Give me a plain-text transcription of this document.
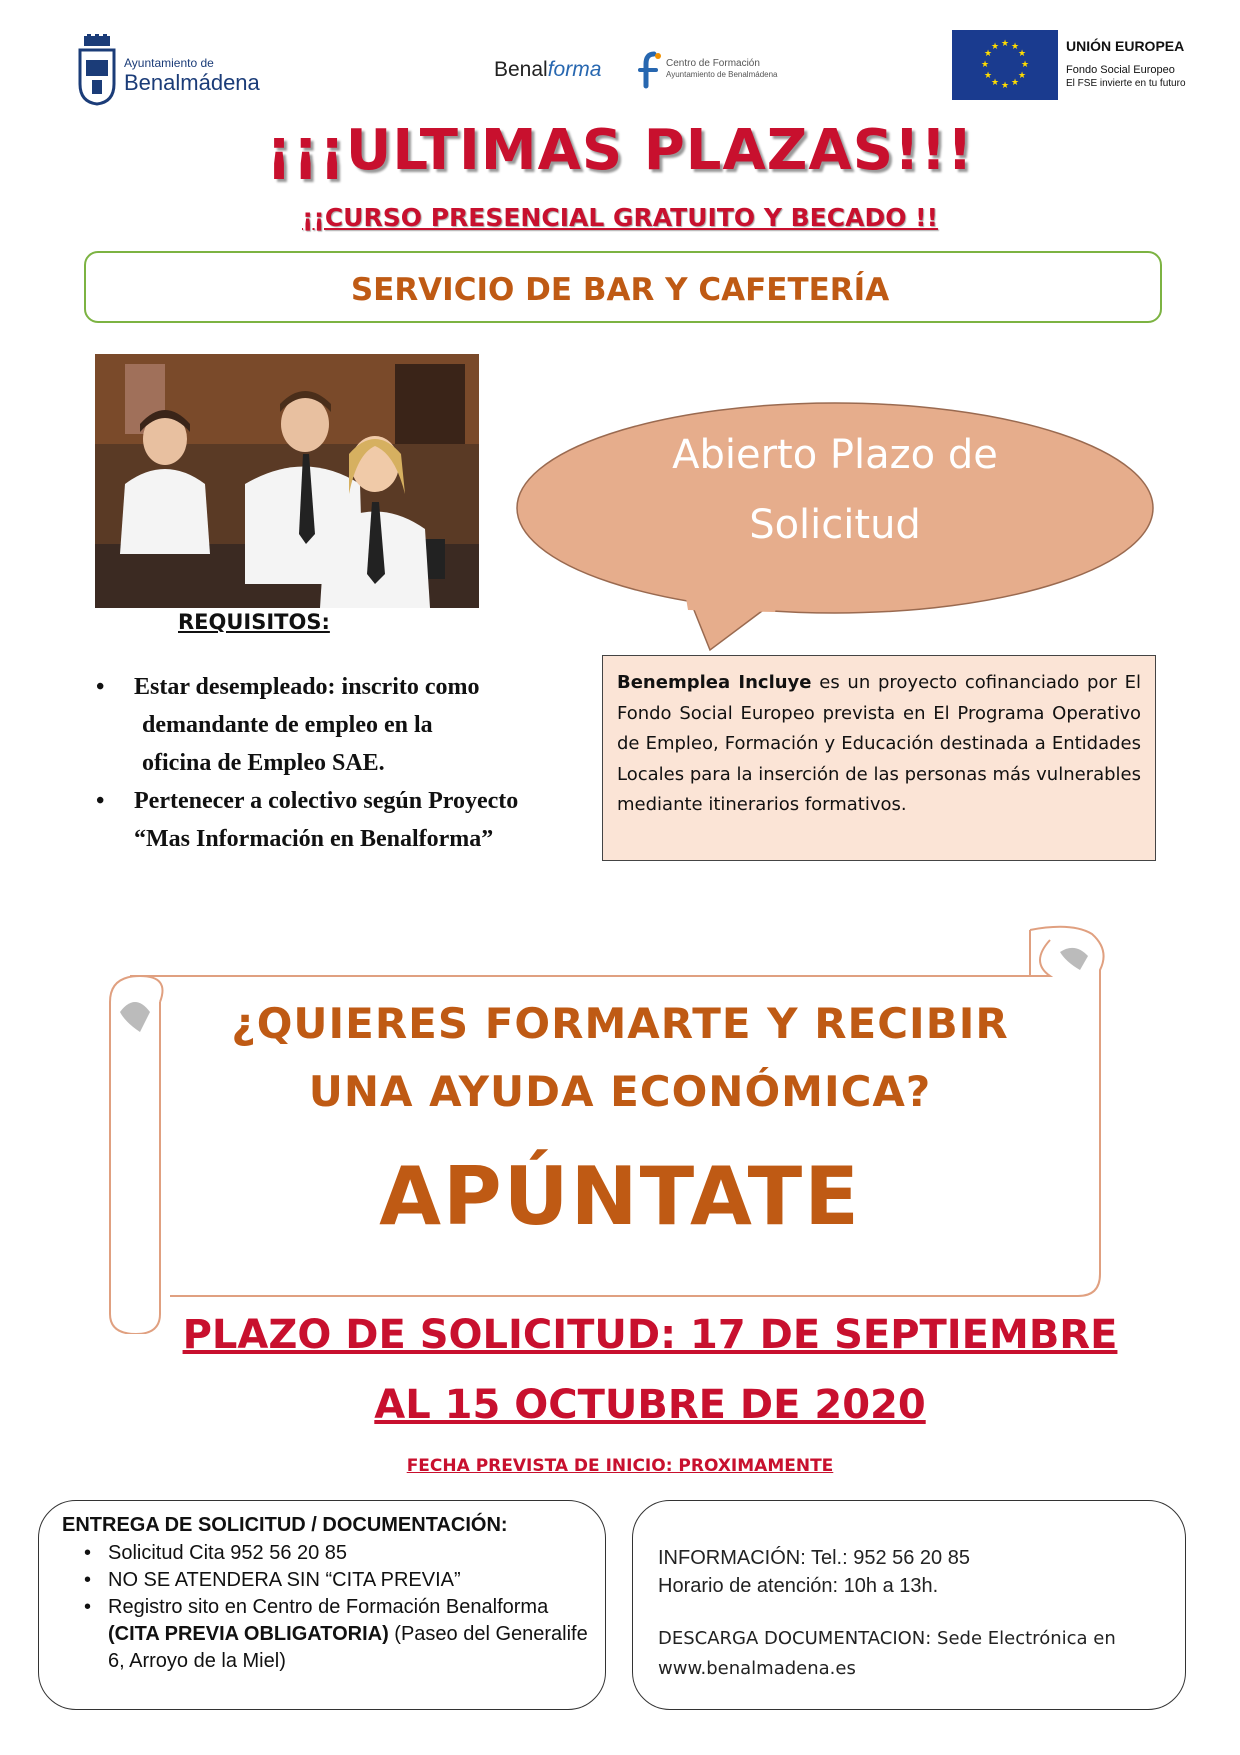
Ayuntamiento de
Benalmádena
Benalforma	Centro de Formación
Ayuntamiento de Benalmádena
★ ★
★
★
★
★
★
★
★
★
★
★	UNIÓN EUROPEA
Fondo Social Europeo
El FSE invierte en tu futuro
¡¡¡ULTIMAS PLAZAS!!!
¡¡CURSO PRESENCIAL GRATUITO Y BECADO !!
SERVICIO DE BAR Y CAFETERÍA
REQUISITOS:
Abierto Plazo de
Solicitud
• Estar desempleado: inscrito como
demandante de empleo en la
oficina de Empleo SAE.
• Pertenecer a colectivo según Proyecto
“Mas Información en Benalforma”
Benemplea Incluye es un proyecto cofinanciado por El Fondo Social Europeo prevista en El Programa Operativo de Empleo, Formación y Educación destinada a Entidades Locales para la inserción de las personas más vulnerables mediante itinerarios formativos.
¿QUIERES FORMARTE Y RECIBIR
UNA AYUDA ECONÓMICA?
APÚNTATE
PLAZO DE SOLICITUD: 17 DE SEPTIEMBRE
AL 15 OCTUBRE DE 2020
FECHA PREVISTA DE INICIO: PROXIMAMENTE
ENTREGA DE SOLICITUD / DOCUMENTACIÓN:
• Solicitud Cita 952 56 20 85
• NO SE ATENDERA SIN “CITA PREVIA”
• Registro sito en Centro de Formación Benalforma (CITA PREVIA OBLIGATORIA) (Paseo del Generalife 6, Arroyo de la Miel)
INFORMACIÓN: Tel.: 952 56 20 85
Horario de atención: 10h a 13h.
DESCARGA DOCUMENTACION: Sede Electrónica en
www.benalmadena.es
